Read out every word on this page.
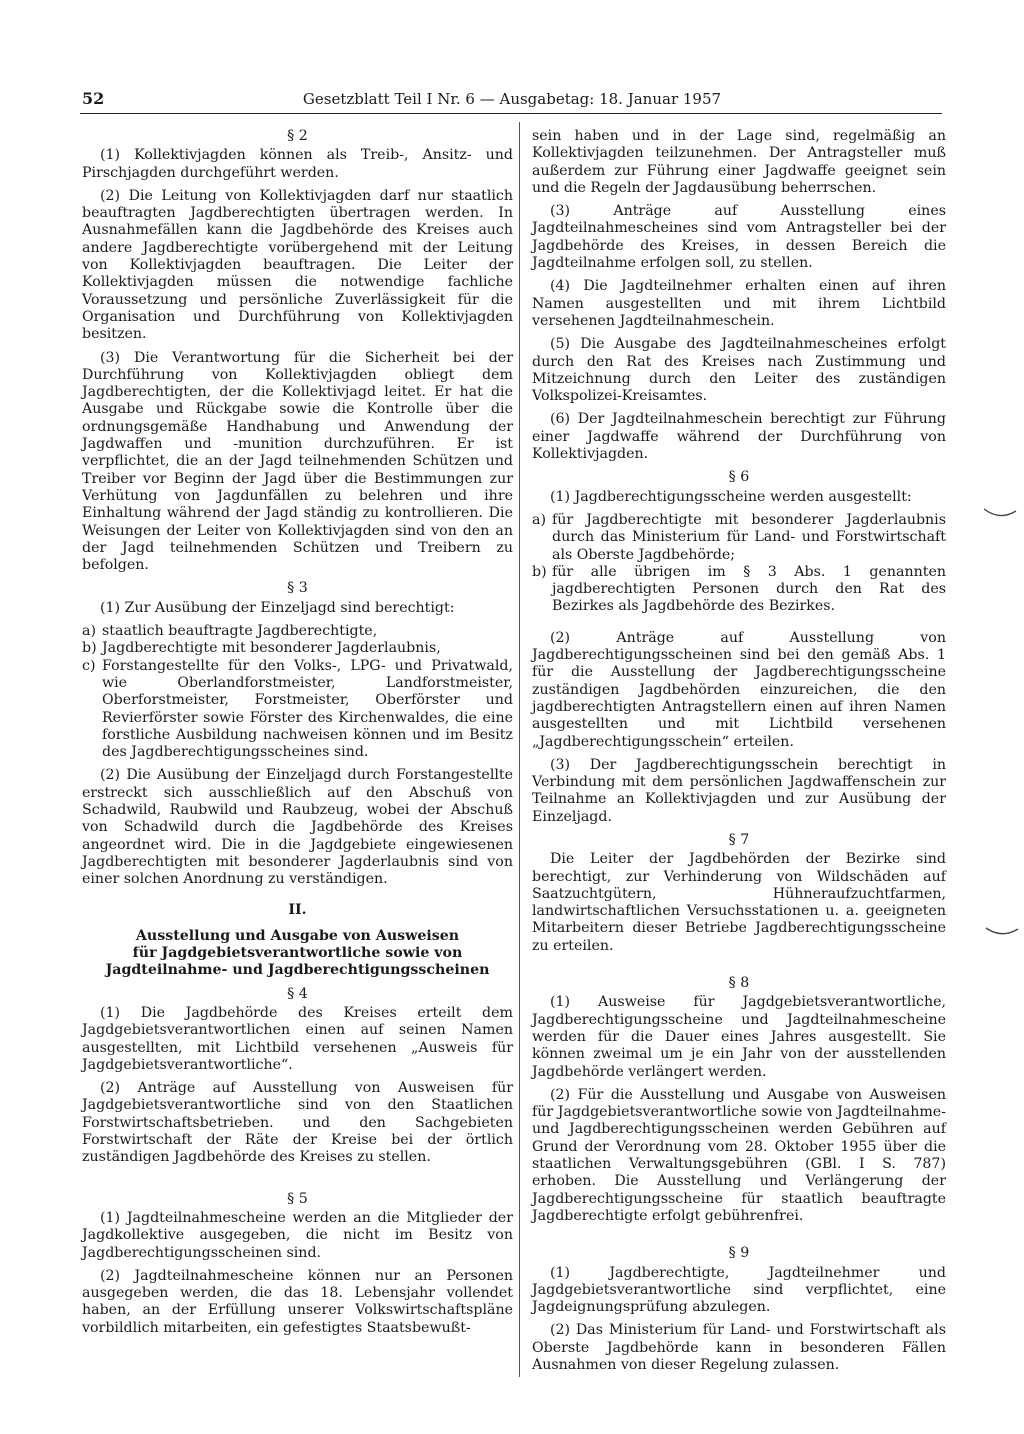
52	Gesetzblatt Teil I Nr. 6 — Ausgabetag: 18. Januar 1957
§ 2

(1) Kollektivjagden können als Treib-, Ansitz- und Pirschjagden durchgeführt werden.

(2) Die Leitung von Kollektivjagden darf nur staatlich beauftragten Jagdberechtigten übertragen werden. In Ausnahmefällen kann die Jagdbehörde des Kreises auch andere Jagdberechtigte vorübergehend mit der Leitung von Kollektivjagden beauftragen. Die Leiter der Kollektivjagden müssen die notwendige fachliche Voraussetzung und persönliche Zuverlässigkeit für die Organisation und Durchführung von Kollektivjagden besitzen.

(3) Die Verantwortung für die Sicherheit bei der Durchführung von Kollektivjagden obliegt dem Jagdberechtigten, der die Kollektivjagd leitet. Er hat die Ausgabe und Rückgabe sowie die Kontrolle über die ordnungsgemäße Handhabung und Anwendung der Jagdwaffen und -munition durchzuführen. Er ist verpflichtet, die an der Jagd teilnehmenden Schützen und Treiber vor Beginn der Jagd über die Bestimmungen zur Verhütung von Jagdunfällen zu belehren und ihre Einhaltung während der Jagd ständig zu kontrollieren. Die Weisungen der Leiter von Kollektivjagden sind von den an der Jagd teilnehmenden Schützen und Treibern zu befolgen.

§ 3

(1) Zur Ausübung der Einzeljagd sind berechtigt:

a) staatlich beauftragte Jagdberechtigte,
b) Jagdberechtigte mit besonderer Jagderlaubnis,
c) Forstangestellte für den Volks-, LPG- und Privatwald, wie Oberlandforstmeister, Landforstmeister, Oberforstmeister, Forstmeister, Oberförster und Revierförster sowie Förster des Kirchenwaldes, die eine forstliche Ausbildung nachweisen können und im Besitz des Jagdberechtigungsscheines sind.

(2) Die Ausübung der Einzeljagd durch Forstangestellte erstreckt sich ausschließlich auf den Abschuß von Schadwild, Raubwild und Raubzeug, wobei der Abschuß von Schadwild durch die Jagdbehörde des Kreises angeordnet wird. Die in die Jagdgebiete eingewiesenen Jagdberechtigten mit besonderer Jagderlaubnis sind von einer solchen Anordnung zu verständigen.

II.
Ausstellung und Ausgabe von Ausweisen
für Jagdgebietsverantwortliche sowie von Jagdteilnahme- und Jagdberechtigungsscheinen
§ 4

(1) Die Jagdbehörde des Kreises erteilt dem Jagdgebietsverantwortlichen einen auf seinen Namen ausgestellten, mit Lichtbild versehenen „Ausweis für Jagdgebietsverantwortliche“.

(2) Anträge auf Ausstellung von Ausweisen für Jagdgebietsverantwortliche sind von den Staatlichen Forstwirtschaftsbetrieben. und den Sachgebieten Forstwirtschaft der Räte der Kreise bei der örtlich zuständigen Jagdbehörde des Kreises zu stellen.

§ 5

(1) Jagdteilnahmescheine werden an die Mitglieder der Jagdkollektive ausgegeben, die nicht im Besitz von Jagdberechtigungsscheinen sind.

(2) Jagdteilnahmescheine können nur an Personen ausgegeben werden, die das 18. Lebensjahr vollendet haben, an der Erfüllung unserer Volkswirtschaftspläne vorbildlich mitarbeiten, ein gefestigtes Staatsbewußt-

sein haben und in der Lage sind, regelmäßig an Kollektivjagden teilzunehmen. Der Antragsteller muß außerdem zur Führung einer Jagdwaffe geeignet sein und die Regeln der Jagdausübung beherrschen.

(3) Anträge auf Ausstellung eines Jagdteilnahmescheines sind vom Antragsteller bei der Jagdbehörde des Kreises, in dessen Bereich die Jagdteilnahme erfolgen soll, zu stellen.

(4) Die Jagdteilnehmer erhalten einen auf ihren Namen ausgestellten und mit ihrem Lichtbild versehenen Jagdteilnahmeschein.

(5) Die Ausgabe des Jagdteilnahmescheines erfolgt durch den Rat des Kreises nach Zustimmung und Mitzeichnung durch den Leiter des zuständigen Volkspolizei-Kreisamtes.

(6) Der Jagdteilnahmeschein berechtigt zur Führung einer Jagdwaffe während der Durchführung von Kollektivjagden.

§ 6

(1) Jagdberechtigungsscheine werden ausgestellt:

a) für Jagdberechtigte mit besonderer Jagderlaubnis durch das Ministerium für Land- und Forstwirtschaft als Oberste Jagdbehörde;
b) für alle übrigen im § 3 Abs. 1 genannten jagdberechtigten Personen durch den Rat des Bezirkes als Jagdbehörde des Bezirkes.

(2) Anträge auf Ausstellung von Jagdberechtigungsscheinen sind bei den gemäß Abs. 1 für die Ausstellung der Jagdberechtigungsscheine zuständigen Jagdbehörden einzureichen, die den jagdberechtigten Antragstellern einen auf ihren Namen ausgestellten und mit Lichtbild versehenen „Jagdberechtigungsschein“ erteilen.

(3) Der Jagdberechtigungsschein berechtigt in Verbindung mit dem persönlichen Jagdwaffenschein zur Teilnahme an Kollektivjagden und zur Ausübung der Einzeljagd.

§ 7

Die Leiter der Jagdbehörden der Bezirke sind berechtigt, zur Verhinderung von Wildschäden auf Saatzuchtgütern, Hühneraufzuchtfarmen, landwirtschaftlichen Versuchsstationen u. a. geeigneten Mitarbeitern dieser Betriebe Jagdberechtigungsscheine zu erteilen.

§ 8

(1) Ausweise für Jagdgebietsverantwortliche, Jagdberechtigungsscheine und Jagdteilnahmescheine werden für die Dauer eines Jahres ausgestellt. Sie können zweimal um je ein Jahr von der ausstellenden Jagdbehörde verlängert werden.

(2) Für die Ausstellung und Ausgabe von Ausweisen für Jagdgebietsverantwortliche sowie von Jagdteilnahme- und Jagdberechtigungsscheinen werden Gebühren auf Grund der Verordnung vom 28. Oktober 1955 über die staatlichen Verwaltungsgebühren (GBl. I S. 787) erhoben. Die Ausstellung und Verlängerung der Jagdberechtigungsscheine für staatlich beauftragte Jagdberechtigte erfolgt gebührenfrei.

§ 9

(1) Jagdberechtigte, Jagdteilnehmer und Jagdgebietsverantwortliche sind verpflichtet, eine Jagdeignungsprüfung abzulegen.

(2) Das Ministerium für Land- und Forstwirtschaft als Oberste Jagdbehörde kann in besonderen Fällen Ausnahmen von dieser Regelung zulassen.
